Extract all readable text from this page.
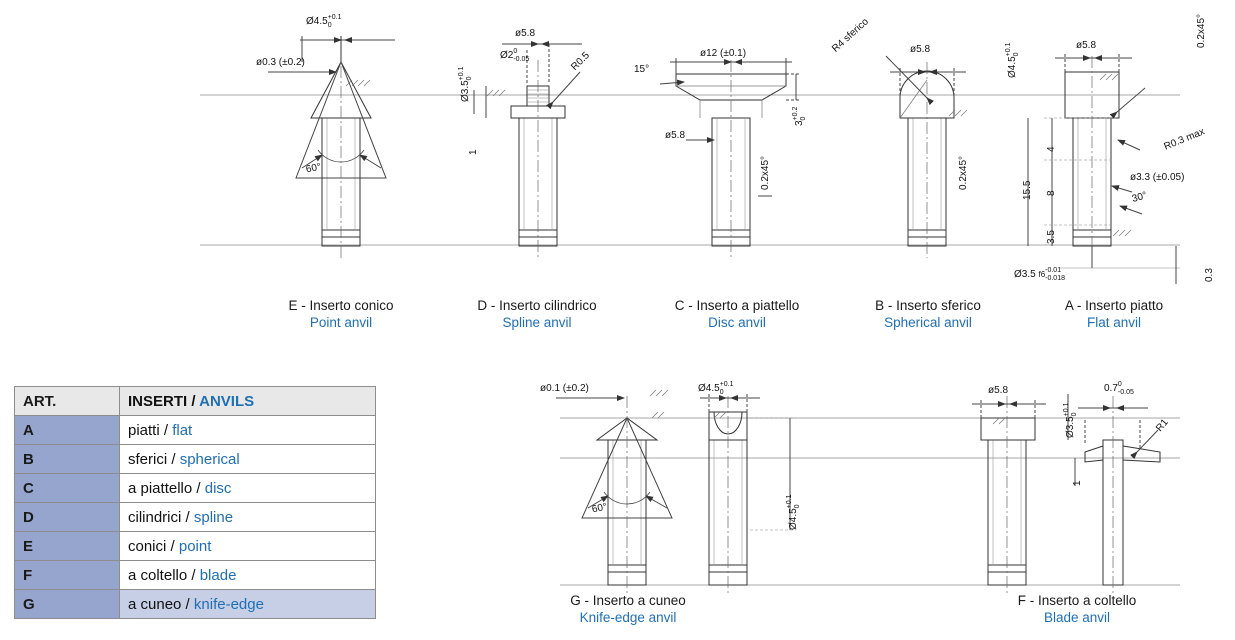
ø0.3 (±0.2)
Ø4.5 +0.1
0
60°
Ø3.5
+0.1 0
ø5.8
Ø2 0
-0.05	R0.5
1
ø12 (±0.1)
15°
ø5.8
0.2x45°
3
+0.2 0
R4 sferico	ø5.8
0.2x45°
Ø4.5
+0.1 0
ø5.8	0.2x45°
R0.3 max
ø3.3 (±0.05)
30°
15.5
4
8
3.5
Ø3.5 f6 -0.01
-0.018	0.3
ø0.1 (±0.2)
60°
Ø4.5 +0.1
0
Ø4.5
+0.1 0
ø5.8
Ø3.5
+0.1 0
0.7 0
-0.05
R1
1
E - Inserto conico
Point anvil
D - Inserto cilindrico
Spline anvil
C - Inserto a piattello
Disc anvil
B - Inserto sferico
Spherical anvil
A - Inserto piatto
Flat anvil
G - Inserto a cuneo
Knife-edge anvil
F - Inserto a coltello
Blade anvil
ART.	INSERTI / ANVILS
A	piatti / flat
B	sferici / spherical
C	a piattello / disc
D	cilindrici / spline
E	conici / point
F	a coltello / blade
G	a cuneo / knife-edge
